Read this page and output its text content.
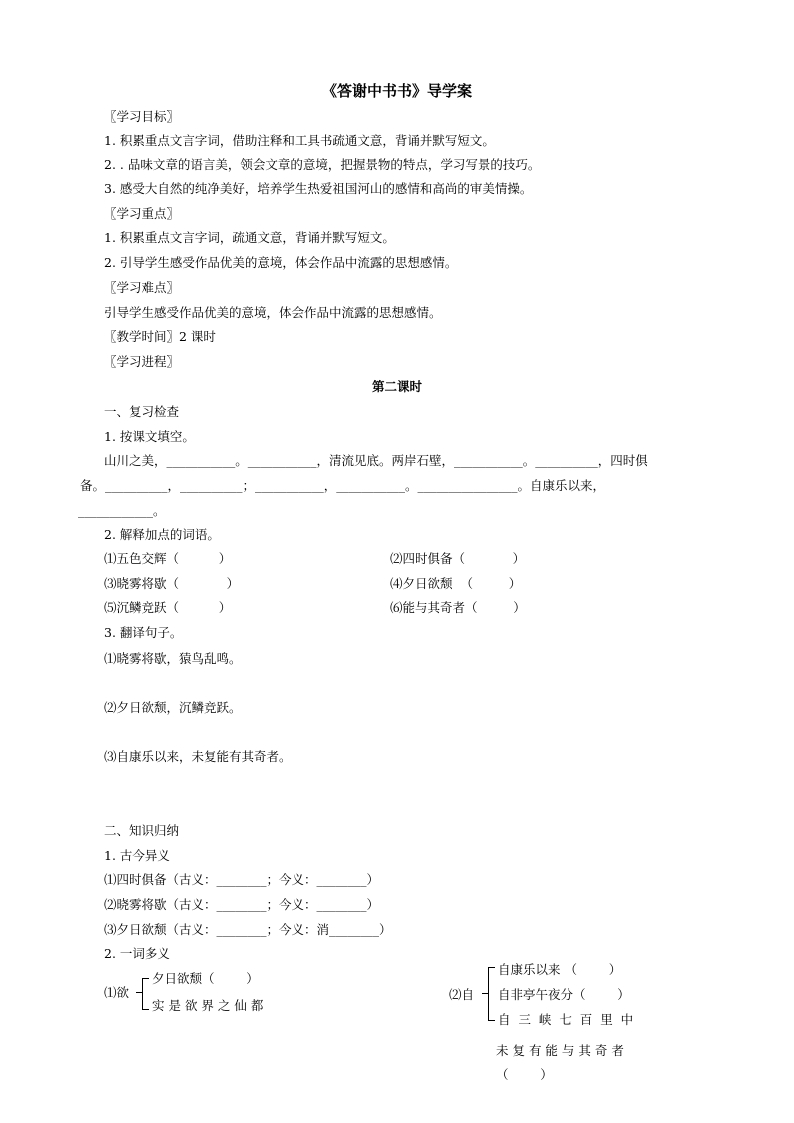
《答谢中书书》导学案
〖学习目标〗
1. 积累重点文言字词，借助注释和工具书疏通文意，背诵并默写短文。
2. . 品味文章的语言美，领会文章的意境，把握景物的特点，学习写景的技巧。
3. 感受大自然的纯净美好，培养学生热爱祖国河山的感情和高尚的审美情操。
〖学习重点〗
1. 积累重点文言字词，疏通文意，背诵并默写短文。
2. 引导学生感受作品优美的意境，体会作品中流露的思想感情。
〖学习难点〗
引导学生感受作品优美的意境，体会作品中流露的思想感情。
〖教学时间〗2 课时
〖学习进程〗
第二课时
一、复习检查
1. 按课文填空。
山川之美，___________。___________，清流见底。两岸石壁，___________。__________，四时俱
备。__________，__________；___________，___________。________________。自康乐以来，
____________。
2. 解释加点的词语。
⑴五色交辉（          ）	⑵四时俱备（            ）
⑶晓雾将歇（            ）	⑷夕日欲颓  （         ）
⑸沉鳞竞跃（          ）	⑹能与其奇者（         ）
3. 翻译句子。
⑴晓雾将歇，猿鸟乱鸣。
⑵夕日欲颓，沉鳞竞跃。
⑶自康乐以来，未复能有其奇者。
二、知识归纳
1. 古今异义
⑴四时俱备（古义：________；今义：________）
⑵晓雾将歇（古义：________；今义：________）
⑶夕日欲颓（古义：________；今义：消________）
2. 一词多义
⑴欲
夕日欲颓（        ）
实 是 欲 界 之 仙 都
⑵自
自康乐以来 （        ）
自非亭午夜分（        ）
自  三  峡  七  百  里  中
未 复 有 能 与 其 奇 者
（        ）
